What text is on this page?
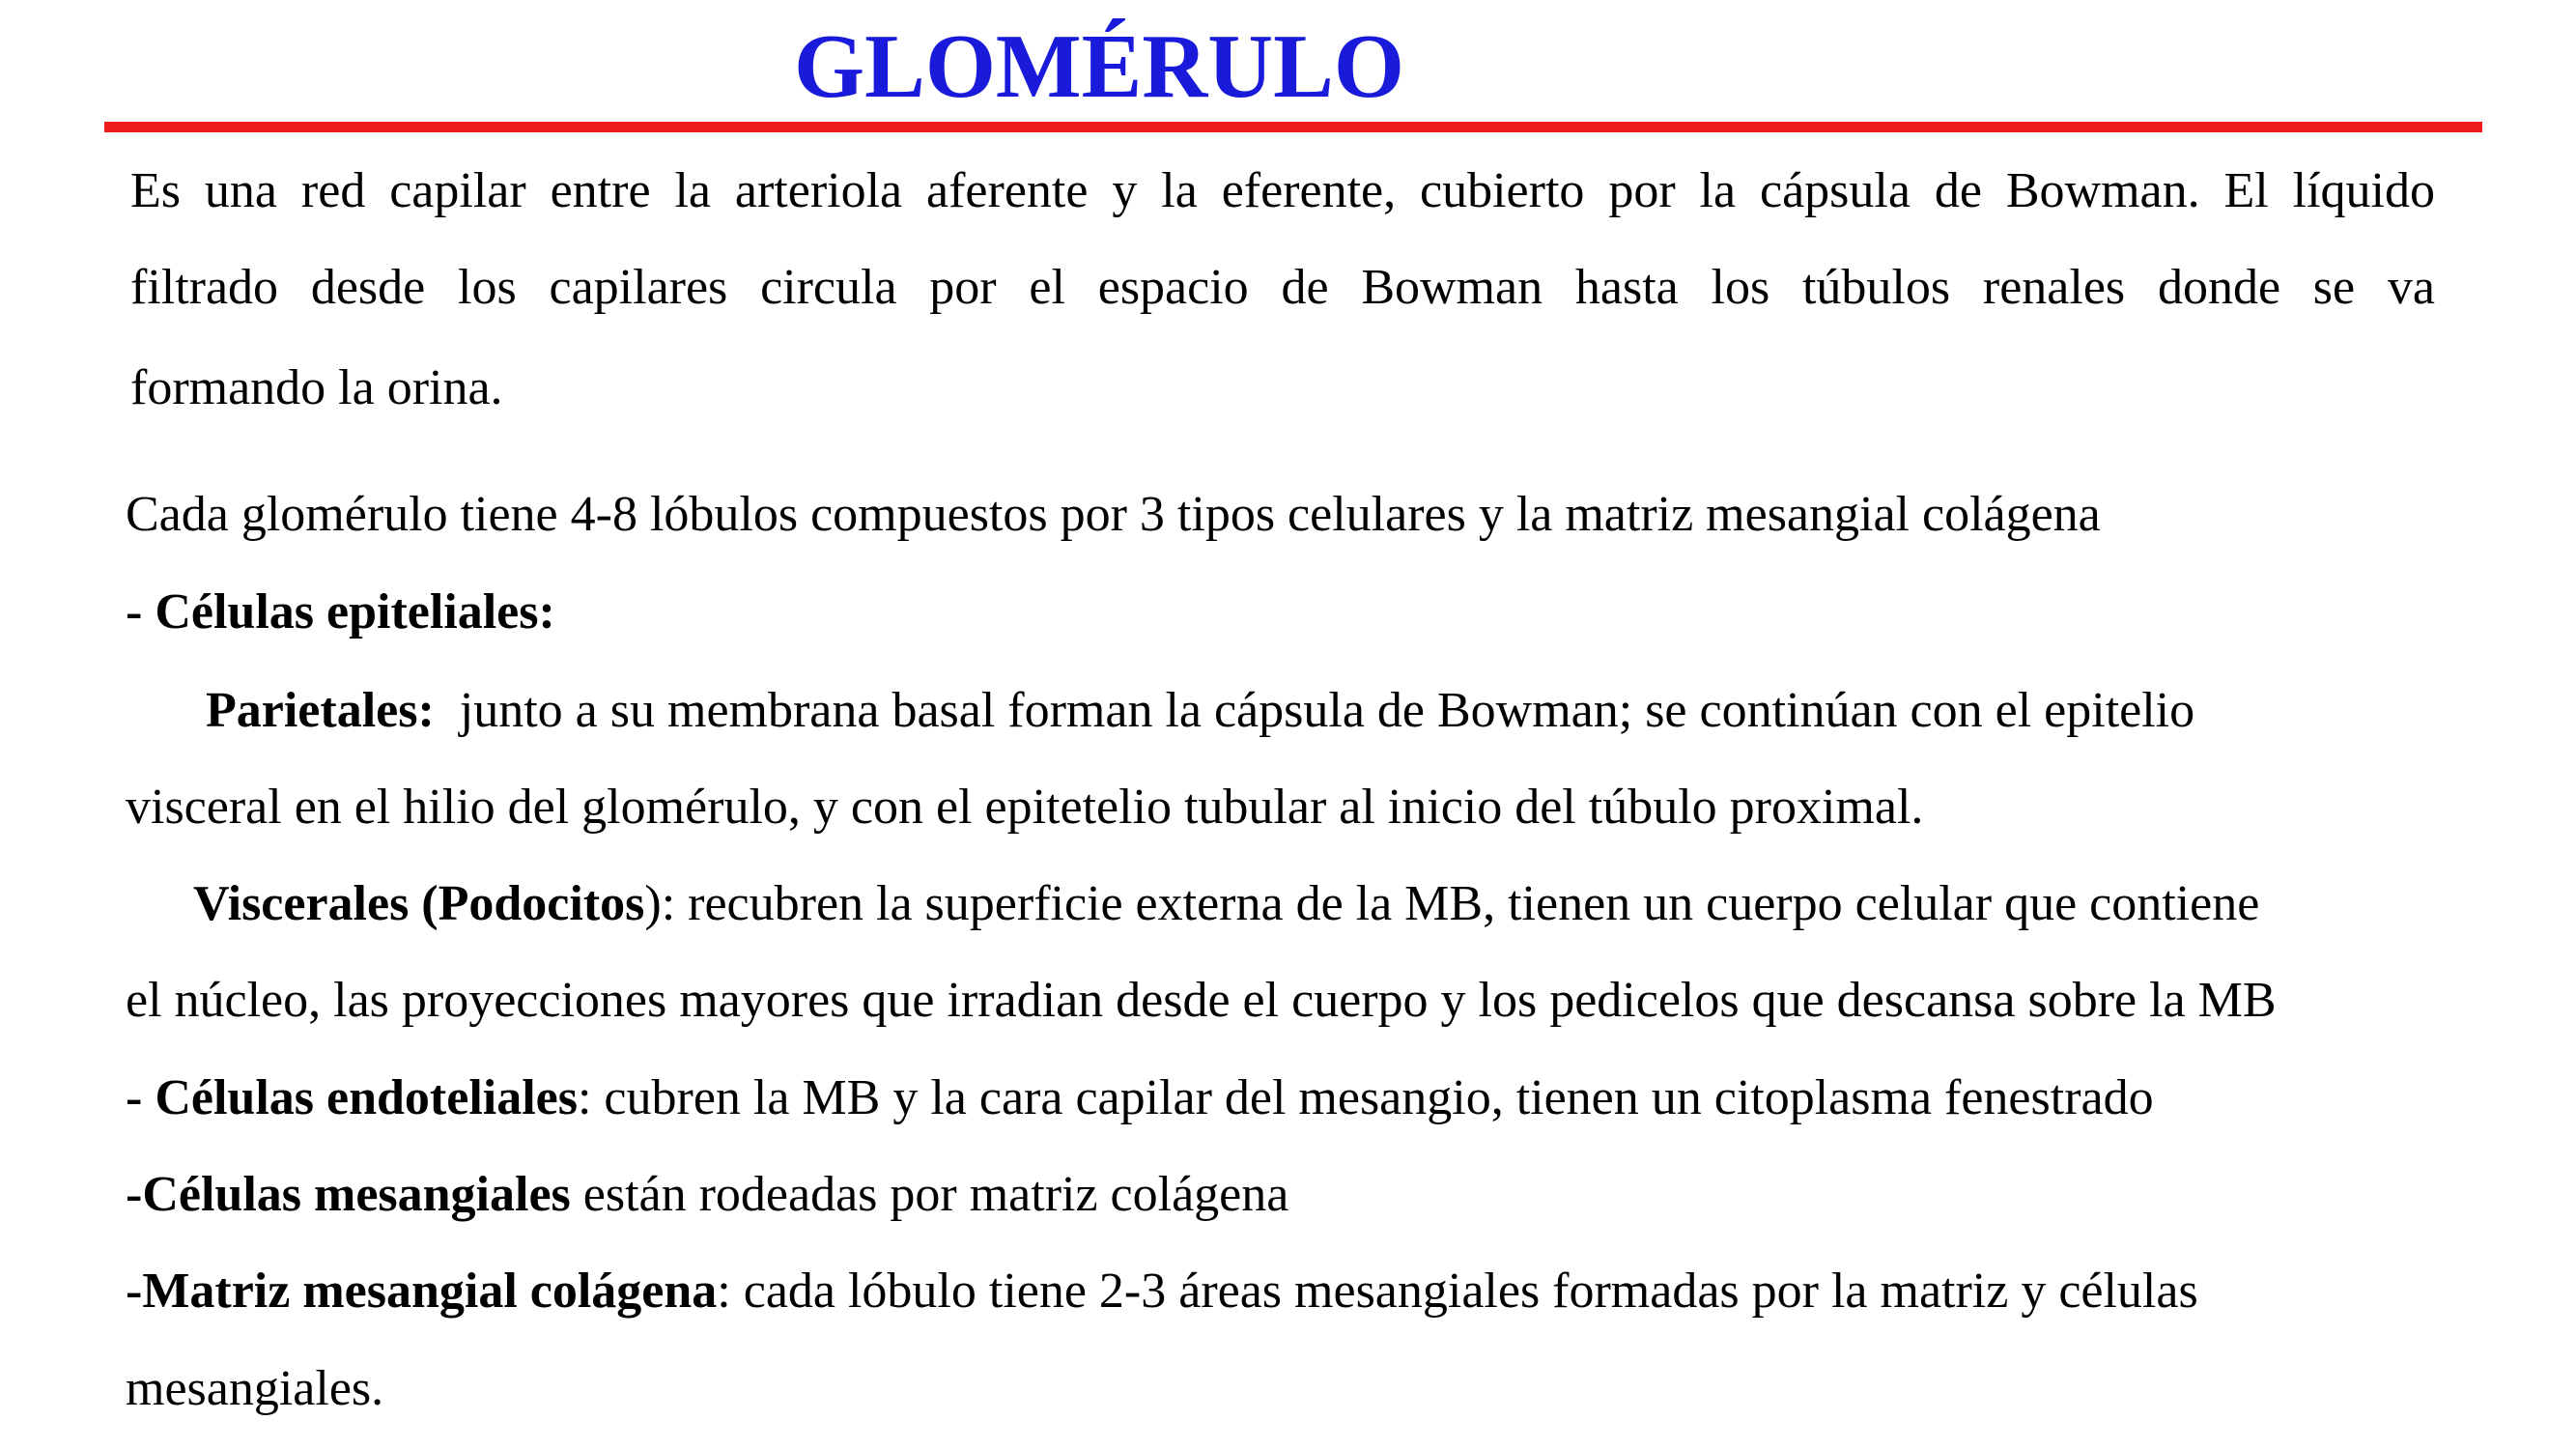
GLOMÉRULO
Es una red capilar entre la arteriola aferente y la eferente, cubierto por la cápsula de Bowman. El líquido
filtrado desde los capilares circula por el espacio de Bowman hasta los túbulos renales donde se va
formando la orina.
Cada glomérulo tiene 4-8 lóbulos compuestos por 3 tipos celulares y la matriz mesangial colágena
- Células epiteliales:
Parietales: junto a su membrana basal forman la cápsula de Bowman; se continúan con el epitelio
visceral en el hilio del glomérulo, y con el epitetelio tubular al inicio del túbulo proximal.
Viscerales (Podocitos): recubren la superficie externa de la MB, tienen un cuerpo celular que contiene
el núcleo, las proyecciones mayores que irradian desde el cuerpo y los pedicelos que descansa sobre la MB
- Células endoteliales: cubren la MB y la cara capilar del mesangio, tienen un citoplasma fenestrado
-Células mesangiales están rodeadas por matriz colágena
-Matriz mesangial colágena: cada lóbulo tiene 2-3 áreas mesangiales formadas por la matriz y células
mesangiales.
